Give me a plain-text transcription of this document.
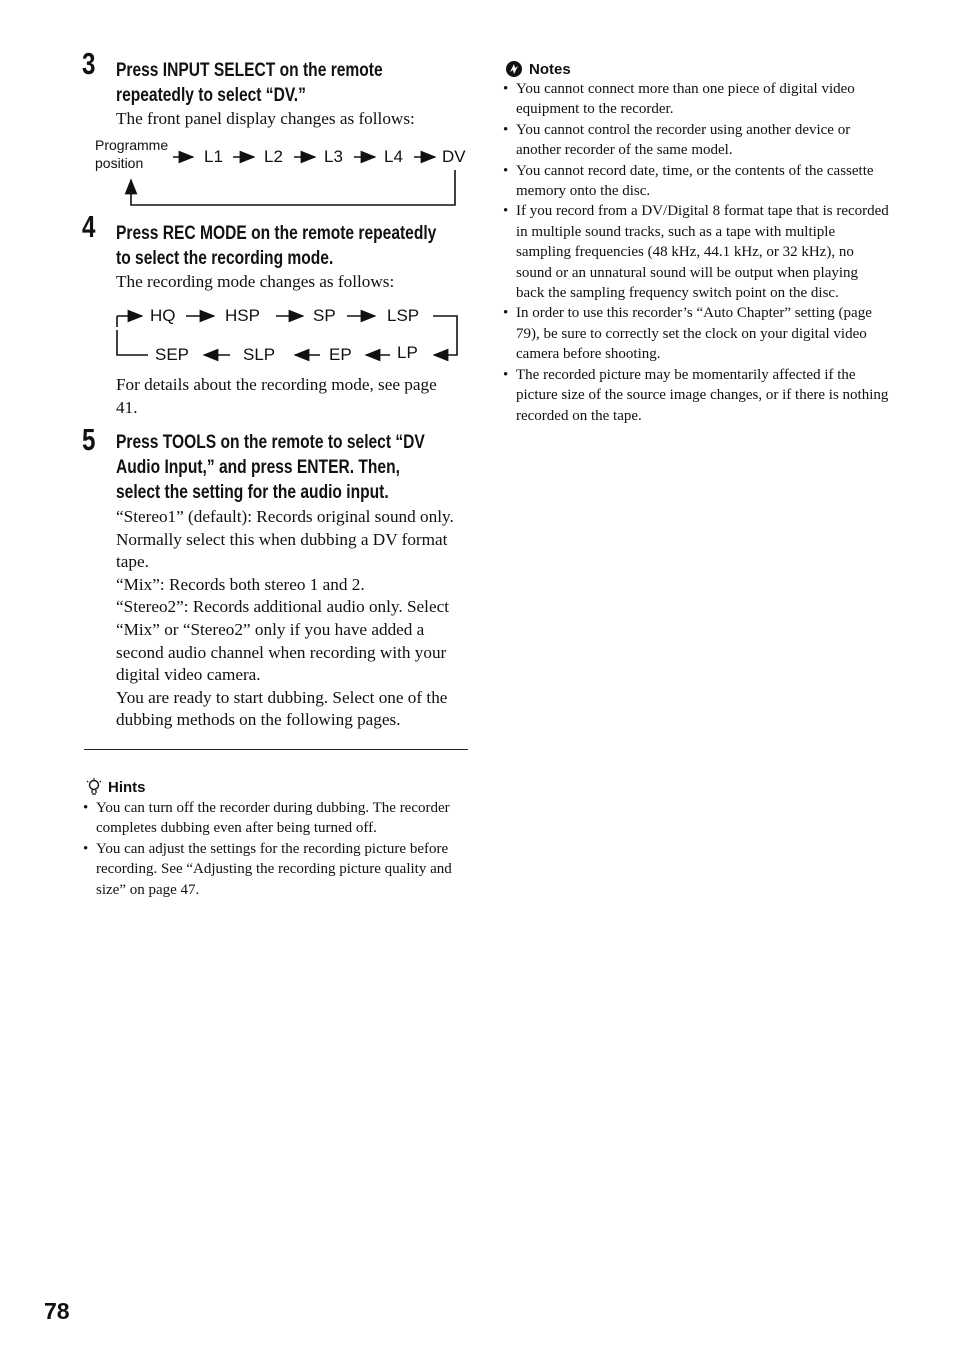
3 Press INPUT SELECT on the remote
repeatedly to select “DV.”
The front panel display changes as follows:
Programme
position	L1 L2 L3 L4 DV
4 Press REC MODE on the remote repeatedly
to select the recording mode.
The recording mode changes as follows:
HQ	HSP	SP	LSP
SEP	SLP	EP	LP
For details about the recording mode, see page 41.
5 Press TOOLS on the remote to select “DV
Audio Input,” and press ENTER. Then,
select the setting for the audio input.

“Stereo1” (default): Records original sound only. Normally select this when dubbing a DV format tape.

“Mix”: Records both stereo 1 and 2.

“Stereo2”: Records additional audio only. Select “Mix” or “Stereo2” only if you have added a second audio channel when recording with your digital video camera.

You are ready to start dubbing. Select one of the dubbing methods on the following pages.

Hints
• You can turn off the recorder during dubbing. The recorder completes dubbing even after being turned off.
• You can adjust the settings for the recording picture before recording. See “Adjusting the recording picture quality and size” on page 47.
Notes
• You cannot connect more than one piece of digital video equipment to the recorder.
• You cannot control the recorder using another device or another recorder of the same model.
• You cannot record date, time, or the contents of the cassette memory onto the disc.
• If you record from a DV/Digital 8 format tape that is recorded in multiple sound tracks, such as a tape with multiple sampling frequencies (48 kHz, 44.1 kHz, or 32 kHz), no sound or an unnatural sound will be output when playing back the sampling frequency switch point on the disc.
• In order to use this recorder’s “Auto Chapter” setting (page 79), be sure to correctly set the clock on your digital video camera before shooting.
• The recorded picture may be momentarily affected if the picture size of the source image changes, or if there is nothing recorded on the tape.
78
